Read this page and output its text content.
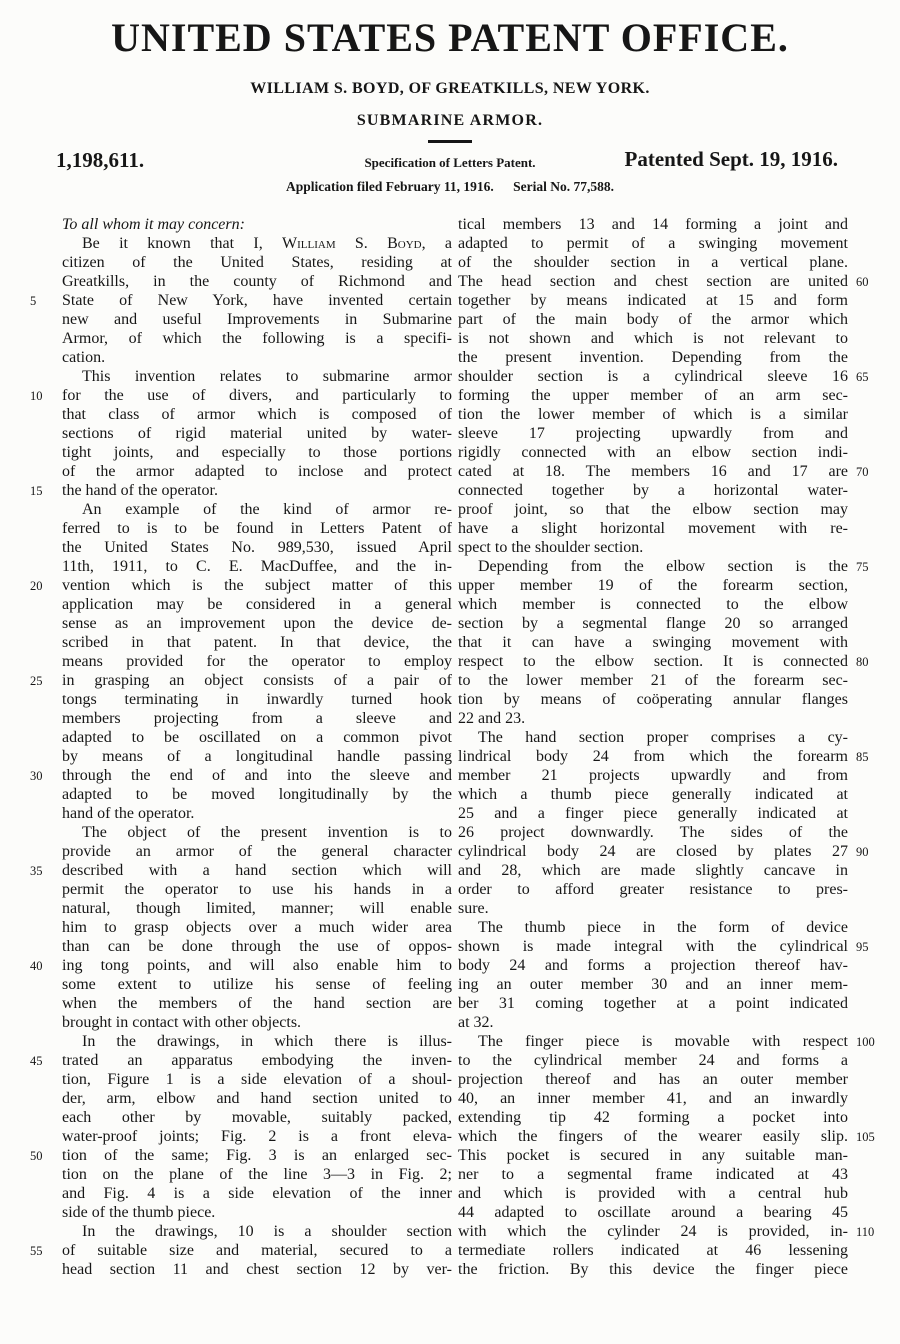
UNITED STATES PATENT OFFICE.
WILLIAM S. BOYD, OF GREATKILLS, NEW YORK.
SUBMARINE ARMOR.
1,198,611.	Specification of Letters Patent.	Patented Sept. 19, 1916.
Application filed February 11, 1916. Serial No. 77,588.
To all whom it may concern:
Be it known that I, William S. Boyd, a
citizen of the United States, residing at
Greatkills, in the county of Richmond and
State of New York, have invented certain
5
new and useful Improvements in Submarine
Armor, of which the following is a specifi-
cation.
This invention relates to submarine armor
for the use of divers, and particularly to
10
that class of armor which is composed of
sections of rigid material united by water-
tight joints, and especially to those portions
of the armor adapted to inclose and protect
the hand of the operator.
15
An example of the kind of armor re-
ferred to is to be found in Letters Patent of
the United States No. 989,530, issued April
11th, 1911, to C. E. MacDuffee, and the in-
vention which is the subject matter of this
20
application may be considered in a general
sense as an improvement upon the device de-
scribed in that patent. In that device, the
means provided for the operator to employ
in grasping an object consists of a pair of
25
tongs terminating in inwardly turned hook
members projecting from a sleeve and
adapted to be oscillated on a common pivot
by means of a longitudinal handle passing
through the end of and into the sleeve and
30
adapted to be moved longitudinally by the
hand of the operator.
The object of the present invention is to
provide an armor of the general character
described with a hand section which will
35
permit the operator to use his hands in a
natural, though limited, manner; will enable
him to grasp objects over a much wider area
than can be done through the use of oppos-
ing tong points, and will also enable him to
40
some extent to utilize his sense of feeling
when the members of the hand section are
brought in contact with other objects.
In the drawings, in which there is illus-
trated an apparatus embodying the inven-
45
tion, Figure 1 is a side elevation of a shoul-
der, arm, elbow and hand section united to
each other by movable, suitably packed,
water-proof joints; Fig. 2 is a front eleva-
tion of the same; Fig. 3 is an enlarged sec-
50
tion on the plane of the line 3—3 in Fig. 2;
and Fig. 4 is a side elevation of the inner
side of the thumb piece.
In the drawings, 10 is a shoulder section
of suitable size and material, secured to a
55
head section 11 and chest section 12 by ver-
tical members 13 and 14 forming a joint and
adapted to permit of a swinging movement
of the shoulder section in a vertical plane.
The head section and chest section are united 60
together by means indicated at 15 and form
part of the main body of the armor which
is not shown and which is not relevant to
the present invention. Depending from the
shoulder section is a cylindrical sleeve 16 65
forming the upper member of an arm sec-
tion the lower member of which is a similar
sleeve 17 projecting upwardly from and
rigidly connected with an elbow section indi-
cated at 18. The members 16 and 17 are 70
connected together by a horizontal water-
proof joint, so that the elbow section may
have a slight horizontal movement with re-
spect to the shoulder section.
Depending from the elbow section is the 75
upper member 19 of the forearm section,
which member is connected to the elbow
section by a segmental flange 20 so arranged
that it can have a swinging movement with
respect to the elbow section. It is connected 80
to the lower member 21 of the forearm sec-
tion by means of coöperating annular flanges
22 and 23.
The hand section proper comprises a cy-
lindrical body 24 from which the forearm 85
member 21 projects upwardly and from
which a thumb piece generally indicated at
25 and a finger piece generally indicated at
26 project downwardly. The sides of the
cylindrical body 24 are closed by plates 27 90
and 28, which are made slightly cancave in
order to afford greater resistance to pres-
sure.
The thumb piece in the form of device
shown is made integral with the cylindrical 95
body 24 and forms a projection thereof hav-
ing an outer member 30 and an inner mem-
ber 31 coming together at a point indicated
at 32.
The finger piece is movable with respect 100
to the cylindrical member 24 and forms a
projection thereof and has an outer member
40, an inner member 41, and an inwardly
extending tip 42 forming a pocket into
which the fingers of the wearer easily slip. 105
This pocket is secured in any suitable man-
ner to a segmental frame indicated at 43
and which is provided with a central hub
44 adapted to oscillate around a bearing 45
with which the cylinder 24 is provided, in- 110
termediate rollers indicated at 46 lessening
the friction. By this device the finger piece
